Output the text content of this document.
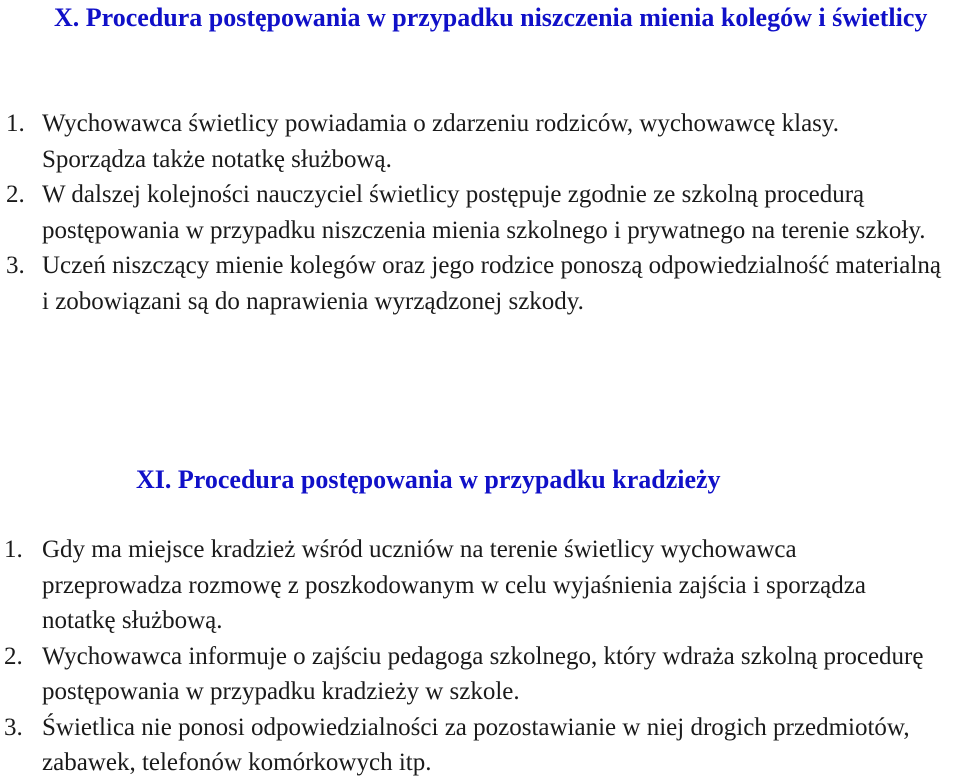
X. Procedura postępowania w przypadku niszczenia mienia kolegów i świetlicy
1. Wychowawca świetlicy powiadamia o zdarzeniu rodziców, wychowawcę klasy. Sporządza także notatkę służbową.
2. W dalszej kolejności nauczyciel świetlicy postępuje zgodnie ze szkolną procedurą postępowania w przypadku niszczenia mienia szkolnego i prywatnego na terenie szkoły.
3. Uczeń niszczący mienie kolegów oraz jego rodzice ponoszą odpowiedzialność materialną i zobowiązani są do naprawienia wyrządzonej szkody.
XI. Procedura postępowania w przypadku kradzieży
1. Gdy ma miejsce kradzież wśród uczniów na terenie świetlicy wychowawca przeprowadza rozmowę z poszkodowanym w celu wyjaśnienia zajścia i sporządza notatkę służbową.
2. Wychowawca informuje o zajściu pedagoga szkolnego, który wdraża szkolną procedurę postępowania w przypadku kradzieży w szkole.
3. Świetlica nie ponosi odpowiedzialności za pozostawianie w niej drogich przedmiotów, zabawek, telefonów komórkowych itp.
